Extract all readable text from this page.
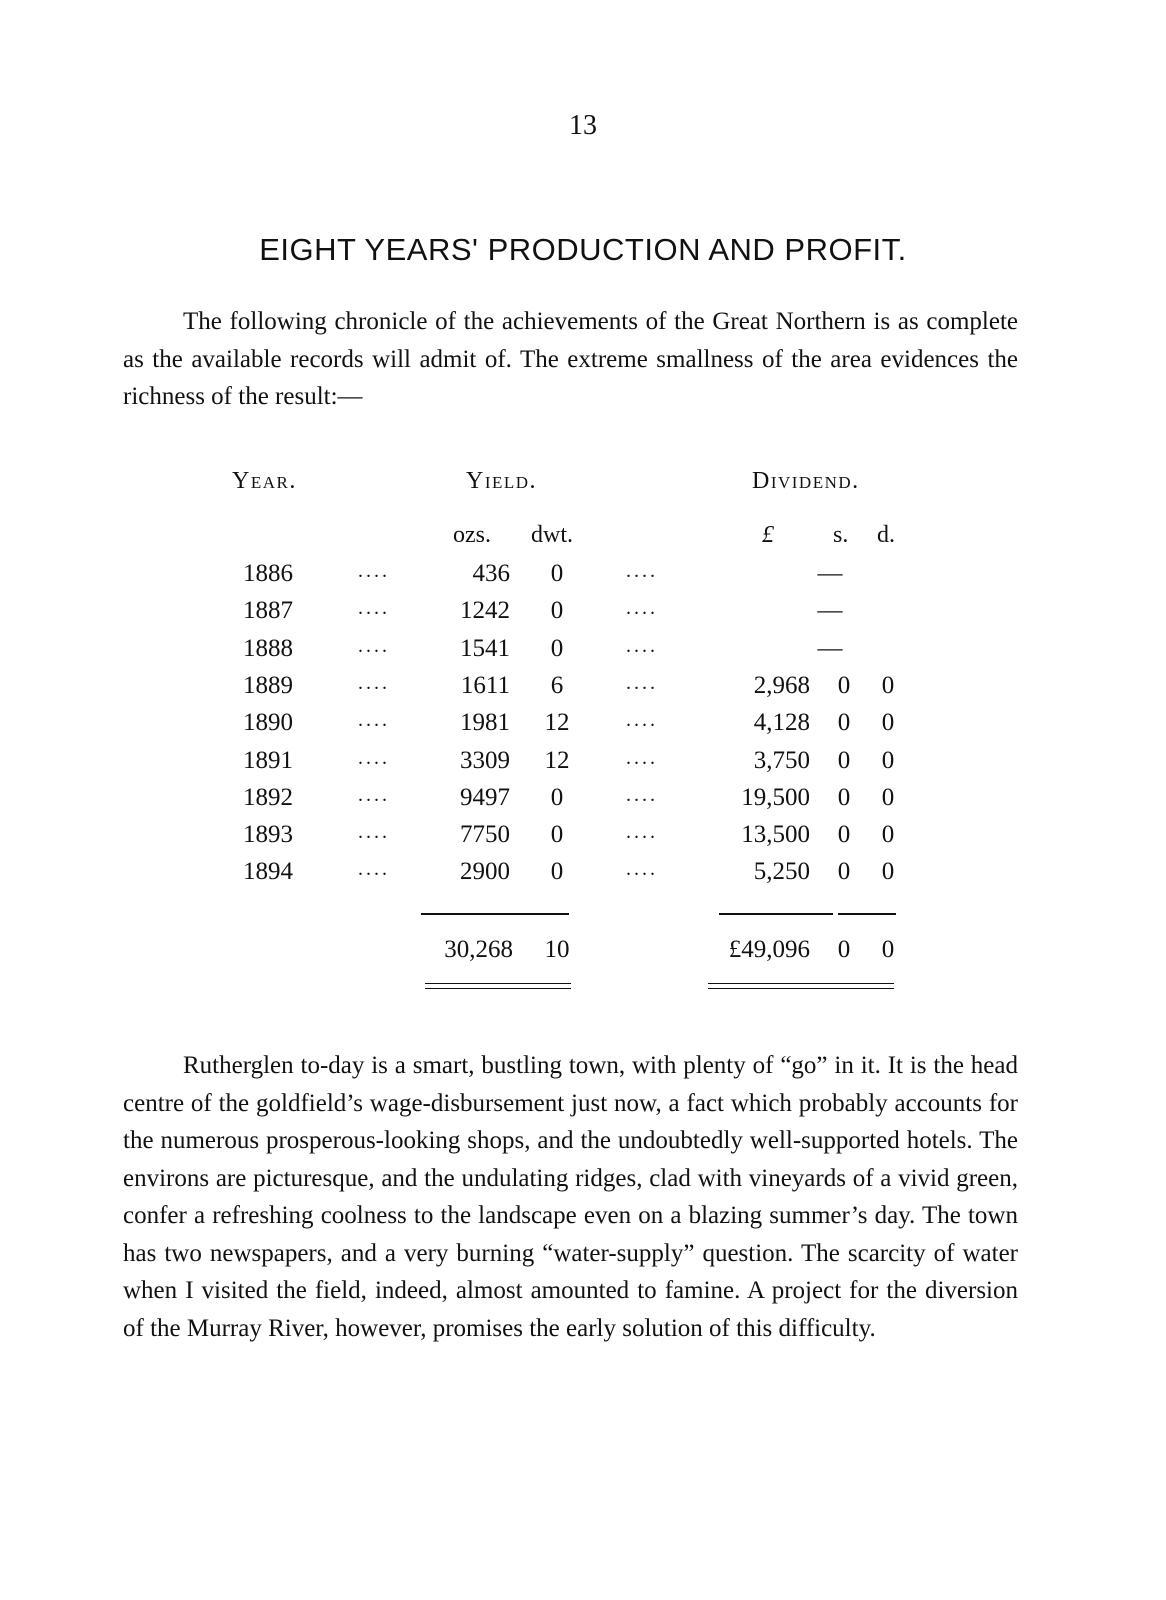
13
EIGHT YEARS' PRODUCTION AND PROFIT.

The following chronicle of the achievements of the Great Northern is as complete as the available records will admit of. The extreme smallness of the area evidences the richness of the result:—

Year.	Yield.	Dividend.
ozs. dwt.	£ s. d.
1886	....	436	0	....	—
1887	....	1242	0	....	—
1888	....	1541	0	....	—
1889	....	1611	6	....	2,968 0 0
1890	....	1981	12	....	4,128 0 0
1891	....	3309	12	....	3,750 0 0
1892	....	9497	0	....	19,500 0 0
1893	....	7750	0	....	13,500 0 0
1894	....	2900	0	....	5,250 0 0
30,268	10	£49,096 0 0

Rutherglen to-day is a smart, bustling town, with plenty of “go” in it. It is the head centre of the goldfield’s wage-disbursement just now, a fact which probably accounts for the numerous prosperous-looking shops, and the undoubtedly well-supported hotels. The environs are picturesque, and the undulating ridges, clad with vineyards of a vivid green, confer a refreshing coolness to the landscape even on a blazing summer’s day. The town has two newspapers, and a very burning “water-supply” question. The scarcity of water when I visited the field, indeed, almost amounted to famine. A project for the diversion of the Murray River, however, promises the early solution of this difficulty.
